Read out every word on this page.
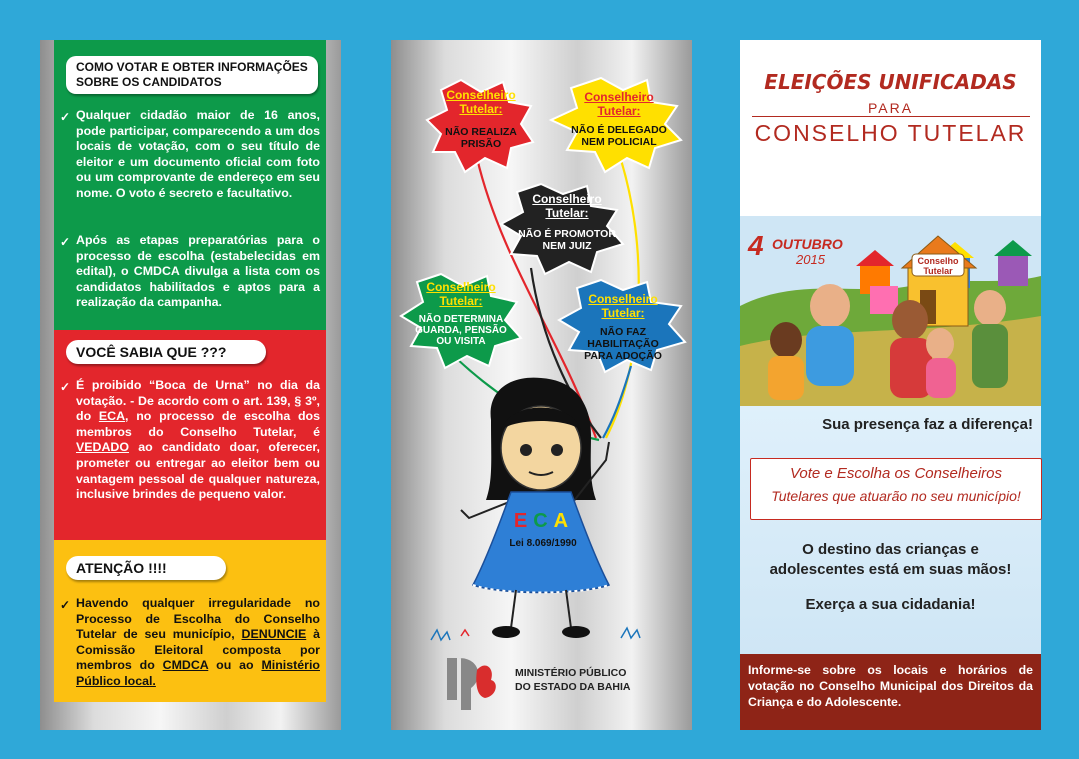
COMO VOTAR E OBTER INFORMAÇÕES
SOBRE OS CANDIDATOS
✓ Qualquer cidadão maior de 16 anos, pode participar, comparecendo a um dos locais de votação, com o seu título de eleitor e um documento oficial com foto ou um comprovante de endereço em seu nome. O voto é secreto e facultativo.
✓ Após as etapas preparatórias para o processo de escolha (estabelecidas em edital), o CMDCA divulga a lista com os candidatos habilitados e aptos para a realização da campanha.
VOCÊ SABIA QUE ???
✓ É proibido “Boca de Urna” no dia da votação. - De acordo com o art. 139, § 3º, do ECA, no processo de escolha dos membros do Conselho Tutelar, é VEDADO ao candidato doar, oferecer, prometer ou entregar ao eleitor bem ou vantagem pessoal de qualquer natureza, inclusive brindes de pequeno valor.
ATENÇÃO !!!!
✓ Havendo qualquer irregularidade no Processo de Escolha do Conselho Tutelar de seu município, DENUNCIE à Comissão Eleitoral composta por membros do CMDCA ou ao Ministério Público local.
Conselheiro
Tutelar:
NÃO REALIZA
PRISÃO
Conselheiro
Tutelar:
NÃO É DELEGADO
NEM POLICIAL
Conselheiro
Tutelar:
NÃO É PROMOTOR
NEM JUIZ
Conselheiro
Tutelar:
NÃO DETERMINA
GUARDA, PENSÃO
OU VISITA
Conselheiro
Tutelar:
NÃO FAZ
HABILITAÇÃO
PARA ADOÇÃO
ECA
Lei 8.069/1990
MINISTÉRIO PÚBLICO
DO ESTADO DA BAHIA
ELEIÇÕES UNIFICADAS
PARA
CONSELHO TUTELAR
4 OUTUBRO
2015	Conselho
Tutelar
Sua presença faz a diferença!
Vote e Escolha os Conselheiros
Tutelares que atuarão no seu município!
O destino das crianças e
adolescentes está em suas mãos!
Exerça a sua cidadania!
Informe-se sobre os locais e horários de votação no Conselho Municipal dos Direitos da Criança e do Adolescente.
